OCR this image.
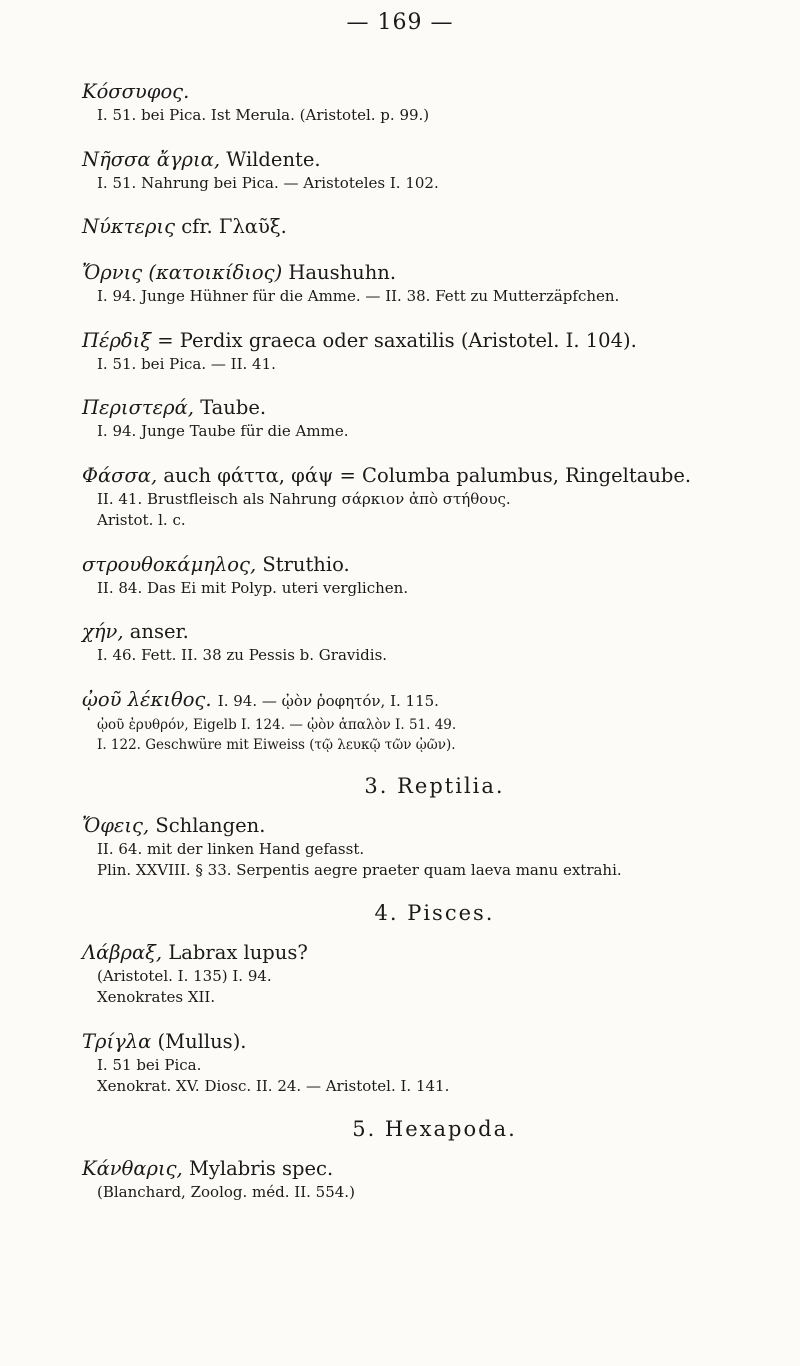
— 169 —
Κόσσυφος.
I. 51. bei Pica. Ist Merula. (Aristotel. p. 99.)
Νῆσσα ἄγρια, Wildente.
I. 51. Nahrung bei Pica. — Aristoteles I. 102.
Νύκτερις cfr. Γλαῦξ.
Ὄρνις (κατοικίδιος) Haushuhn.
I. 94. Junge Hühner für die Amme. — II. 38. Fett zu Mutterzäpfchen.
Πέρδιξ = Perdix graeca oder saxatilis (Aristotel. I. 104).
I. 51. bei Pica. — II. 41.
Περιστερά, Taube.
I. 94. Junge Taube für die Amme.
Φάσσα, auch φάττα, φάψ = Columba palumbus, Ringeltaube.
II. 41. Brustfleisch als Nahrung σάρκιον ἀπὸ στήθους.
Aristot. l. c.
στρουθοκάμηλος, Struthio.
II. 84. Das Ei mit Polyp. uteri verglichen.
χήν, anser.
I. 46. Fett. II. 38 zu Pessis b. Gravidis.
ᾠοῦ λέκιθος. I. 94. — ᾠὸν ῥοφητόν, I. 115.
ᾠοῦ ἐρυθρόν, Eigelb I. 124. — ᾠὸν ἁπαλὸν I. 51. 49.
I. 122. Geschwüre mit Eiweiss (τῷ λευκῷ τῶν ᾠῶν).
3. Reptilia.
Ὄφεις, Schlangen.
II. 64. mit der linken Hand gefasst.
Plin. XXVIII. § 33. Serpentis aegre praeter quam laeva manu extrahi.
4. Pisces.
Λάβραξ, Labrax lupus?
(Aristotel. I. 135) I. 94.
Xenokrates XII.
Τρίγλα (Mullus).
I. 51 bei Pica.
Xenokrat. XV. Diosc. II. 24. — Aristotel. I. 141.
5. Hexapoda.
Κάνθαρις, Mylabris spec.
(Blanchard, Zoolog. méd. II. 554.)
